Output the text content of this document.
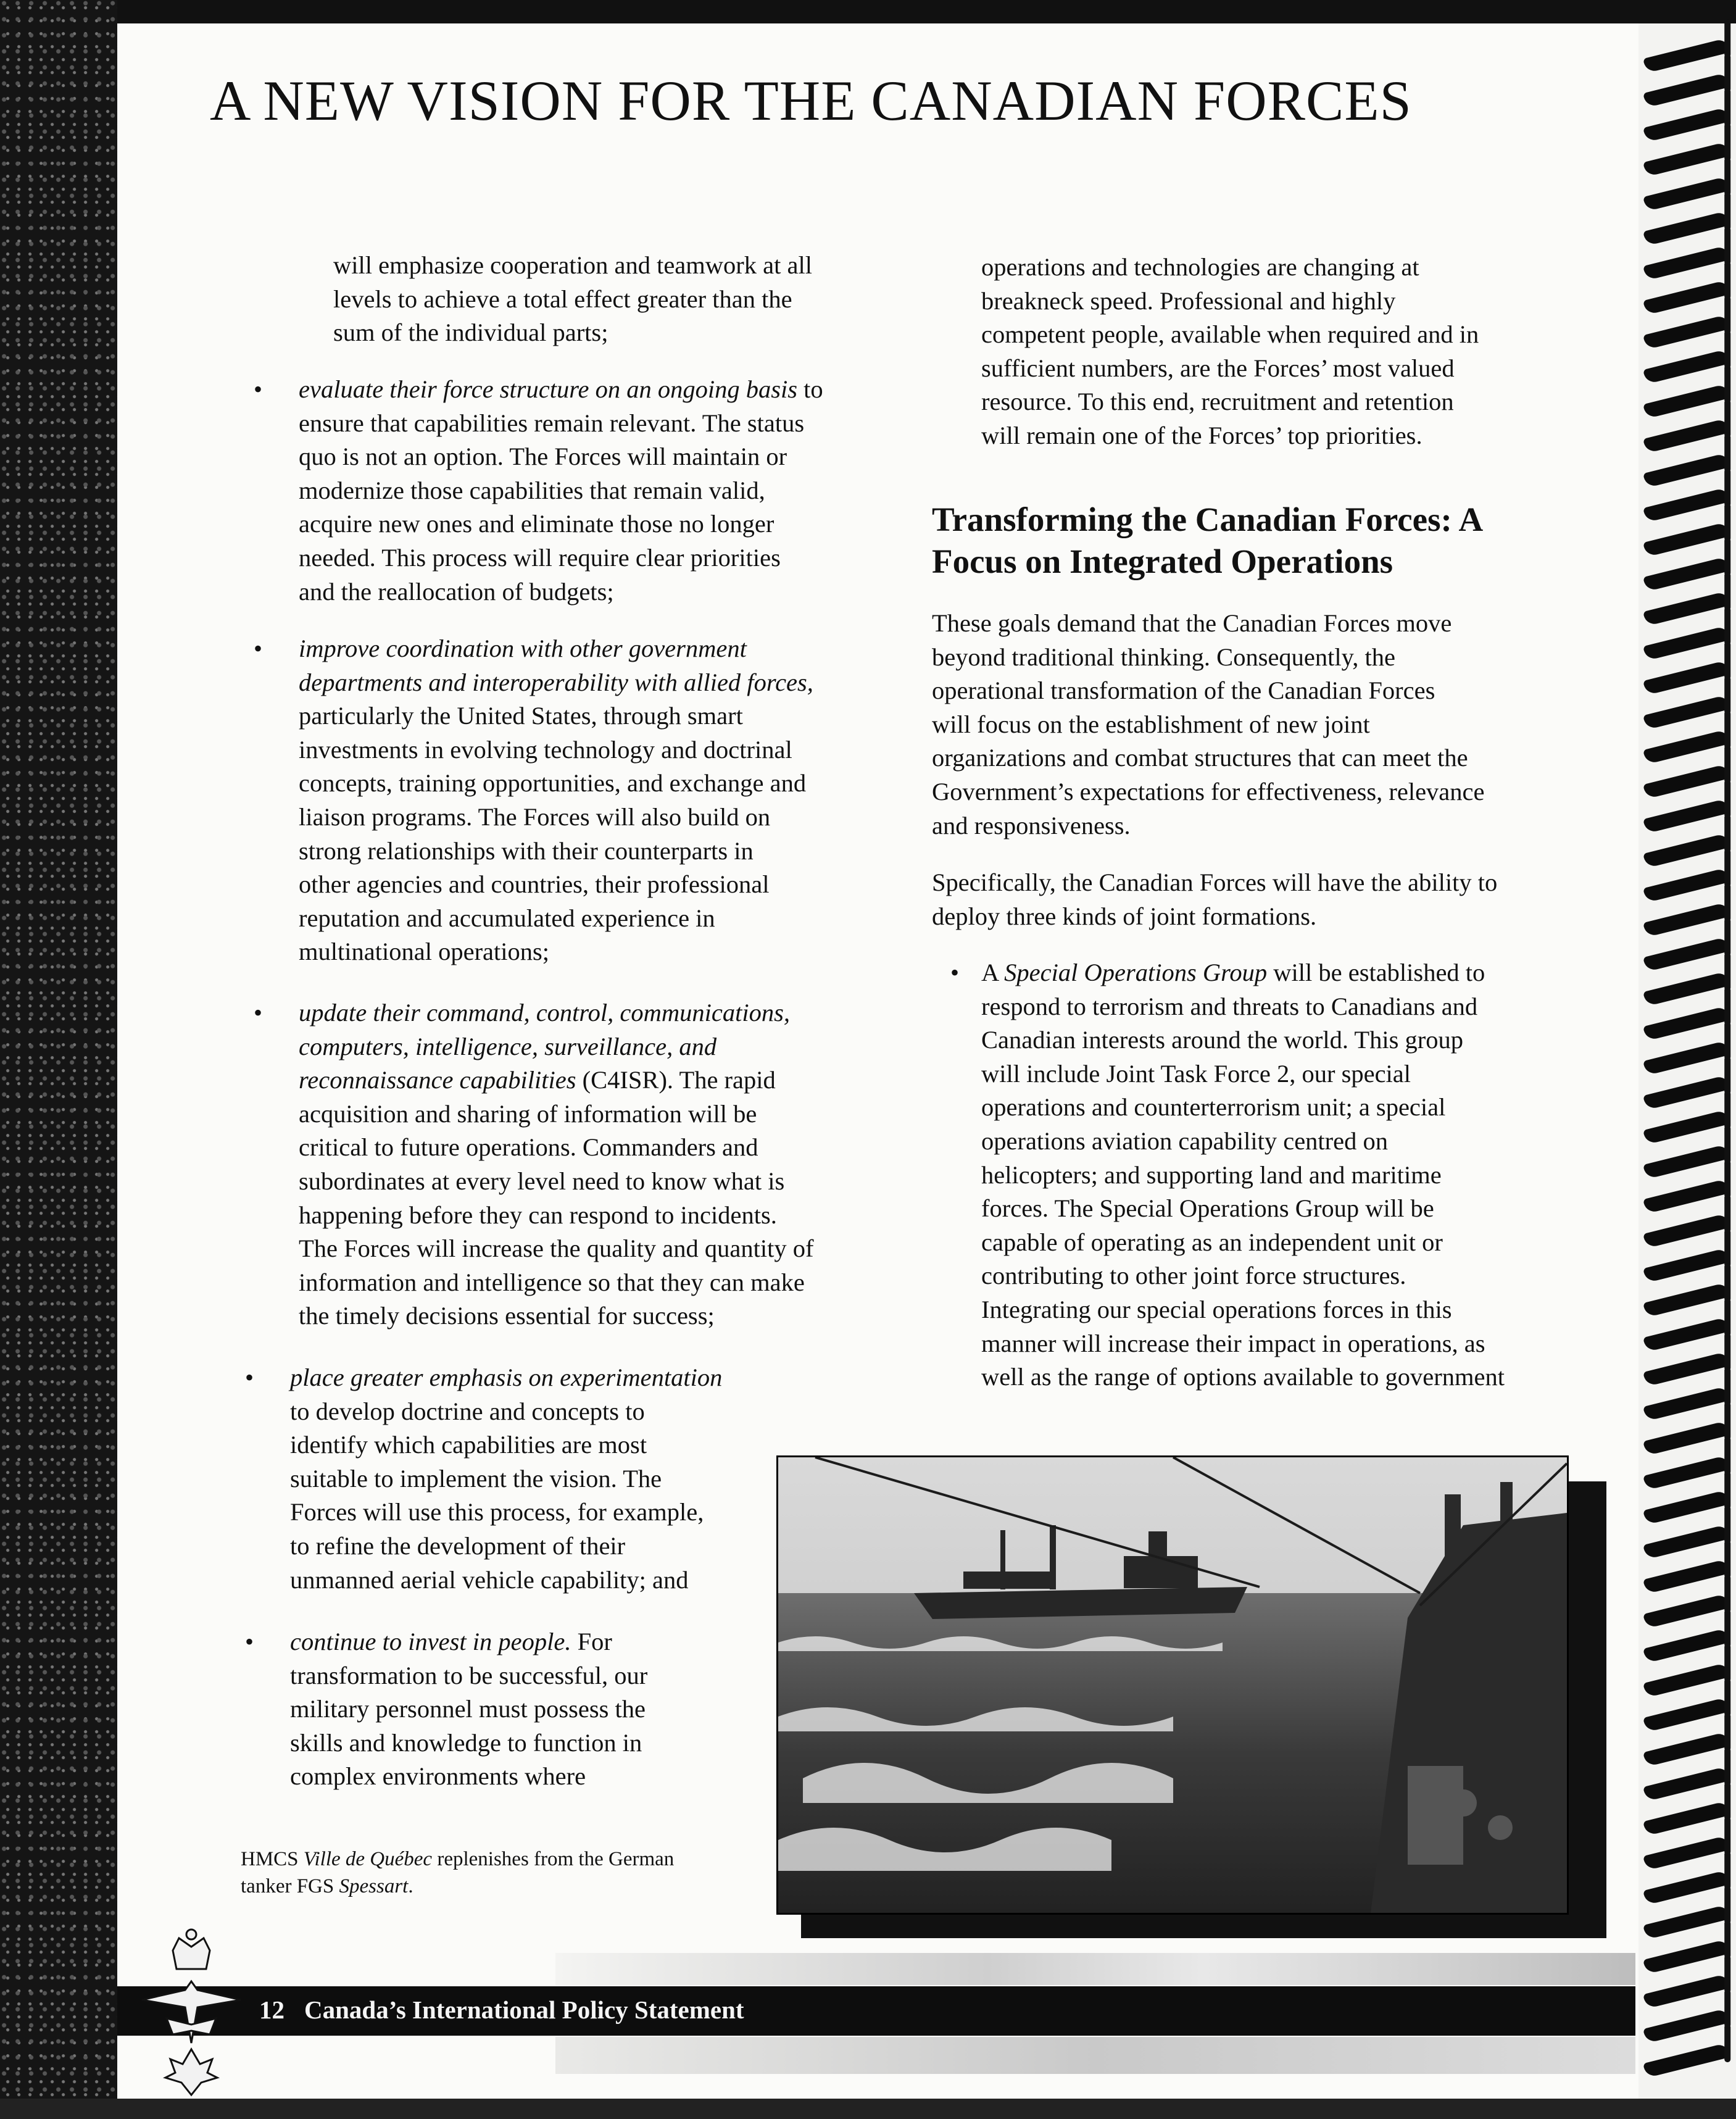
A NEW VISION FOR THE CANADIAN FORCES

will emphasize cooperation and teamwork at all

levels to achieve a total effect greater than the

sum of the individual parts;

• evaluate their force structure on an ongoing basis to

ensure that capabilities remain relevant. The status

quo is not an option. The Forces will maintain or

modernize those capabilities that remain valid,

acquire new ones and eliminate those no longer

needed. This process will require clear priorities

and the reallocation of budgets;

• improve coordination with other government

departments and interoperability with allied forces,

particularly the United States, through smart

investments in evolving technology and doctrinal

concepts, training opportunities, and exchange and

liaison programs. The Forces will also build on

strong relationships with their counterparts in

other agencies and countries, their professional

reputation and accumulated experience in

multinational operations;

• update their command, control, communications,

computers, intelligence, surveillance, and

reconnaissance capabilities (C4ISR). The rapid

acquisition and sharing of information will be

critical to future operations. Commanders and

subordinates at every level need to know what is

happening before they can respond to incidents.

The Forces will increase the quality and quantity of

information and intelligence so that they can make

the timely decisions essential for success;

• place greater emphasis on experimentation

to develop doctrine and concepts to

identify which capabilities are most

suitable to implement the vision. The

Forces will use this process, for example,

to refine the development of their

unmanned aerial vehicle capability; and

• continue to invest in people. For

transformation to be successful, our

military personnel must possess the

skills and knowledge to function in

complex environments where

operations and technologies are changing at

breakneck speed. Professional and highly

competent people, available when required and in

sufficient numbers, are the Forces’ most valued

resource. To this end, recruitment and retention

will remain one of the Forces’ top priorities.

Transforming the Canadian Forces: A
Focus on Integrated Operations

These goals demand that the Canadian Forces move

beyond traditional thinking. Consequently, the

operational transformation of the Canadian Forces

will focus on the establishment of new joint

organizations and combat structures that can meet the

Government’s expectations for effectiveness, relevance

and responsiveness.

Specifically, the Canadian Forces will have the ability to

deploy three kinds of joint formations.

• A Special Operations Group will be established to

respond to terrorism and threats to Canadians and

Canadian interests around the world. This group

will include Joint Task Force 2, our special

operations and counterterrorism unit; a special

operations aviation capability centred on

helicopters; and supporting land and maritime

forces. The Special Operations Group will be

capable of operating as an independent unit or

contributing to other joint force structures.

Integrating our special operations forces in this

manner will increase their impact in operations, as

well as the range of options available to government

HMCS Ville de Québec replenishes from the German
tanker FGS Spessart.
12 Canada’s International Policy Statement
